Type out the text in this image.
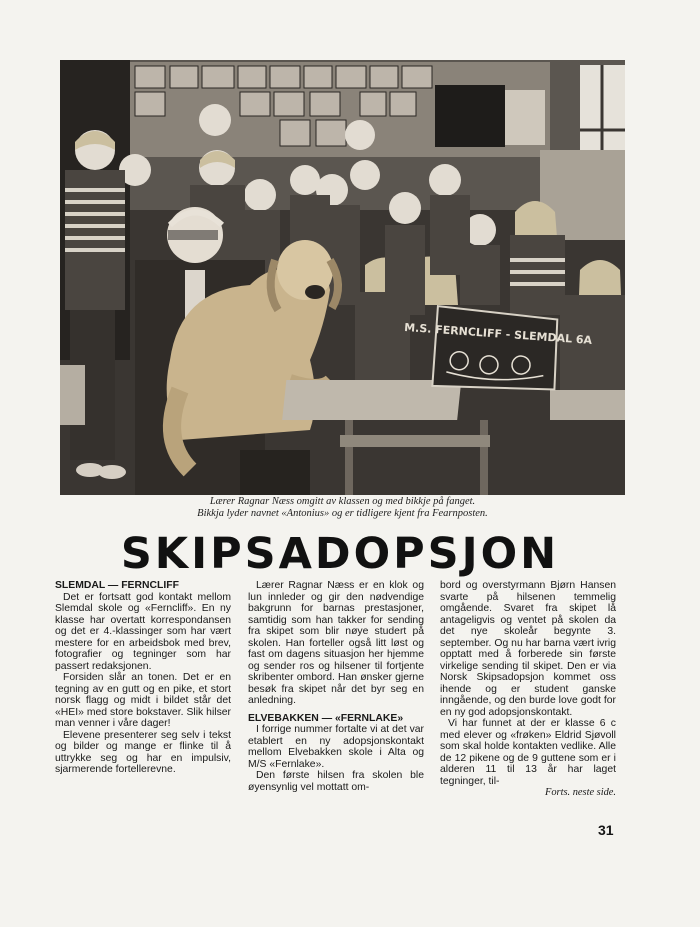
M.S. FERNCLIFF - SLEMDAL 6A
Lærer Ragnar Næss omgitt av klassen og med bikkje på fanget.
Bikkja lyder navnet «Antonius» og er tidligere kjent fra Fearnposten.
SKIPSADOPSJON

SLEMDAL — FERNCLIFF

Det er fortsatt god kontakt mellom Slemdal skole og «Ferncliff». En ny klasse har overtatt korrespondansen og det er 4.-klassinger som har vært mestere for en arbeidsbok med brev, fotografier og tegninger som har passert redaksjonen.

Forsiden slår an tonen. Det er en tegning av en gutt og en pike, et stort norsk flagg og midt i bildet står det «HEI» med store bokstaver. Slik hilser man venner i våre dager!

Elevene presenterer seg selv i tekst og bilder og mange er flinke til å uttrykke seg og har en impulsiv, sjarmerende fortellerevne.

Lærer Ragnar Næss er en klok og lun innleder og gir den nødvendige bakgrunn for barnas prestasjoner, samtidig som han takker for sending fra skipet som blir nøye studert på skolen. Han forteller også litt løst og fast om dagens situasjon her hjemme og sender ros og hilsener til fortjente skribenter ombord. Han ønsker gjerne besøk fra skipet når det byr seg en anledning.

ELVEBAKKEN — «FERNLAKE»

I forrige nummer fortalte vi at det var etablert en ny adopsjonskontakt mellom Elvebakken skole i Alta og M/S «Fernlake».

Den første hilsen fra skolen ble øyensynlig vel mottatt om-

bord og overstyrmann Bjørn Hansen svarte på hilsenen temmelig omgående. Svaret fra skipet lå antageligvis og ventet på skolen da det nye skoleår begynte 3. september. Og nu har barna vært ivrig opptatt med å forberede sin første virkelige sending til skipet. Den er via Norsk Skipsadopsjon kommet oss ihende og er student ganske inngående, og den burde love godt for en ny god adopsjonskontakt.

Vi har funnet at der er klasse 6 c med elever og «frøken» Eldrid Sjøvoll som skal holde kontakten vedlike. Alle de 12 pikene og de 9 guttene som er i alderen 11 til 13 år har laget tegninger, til-

Forts. neste side.

31
